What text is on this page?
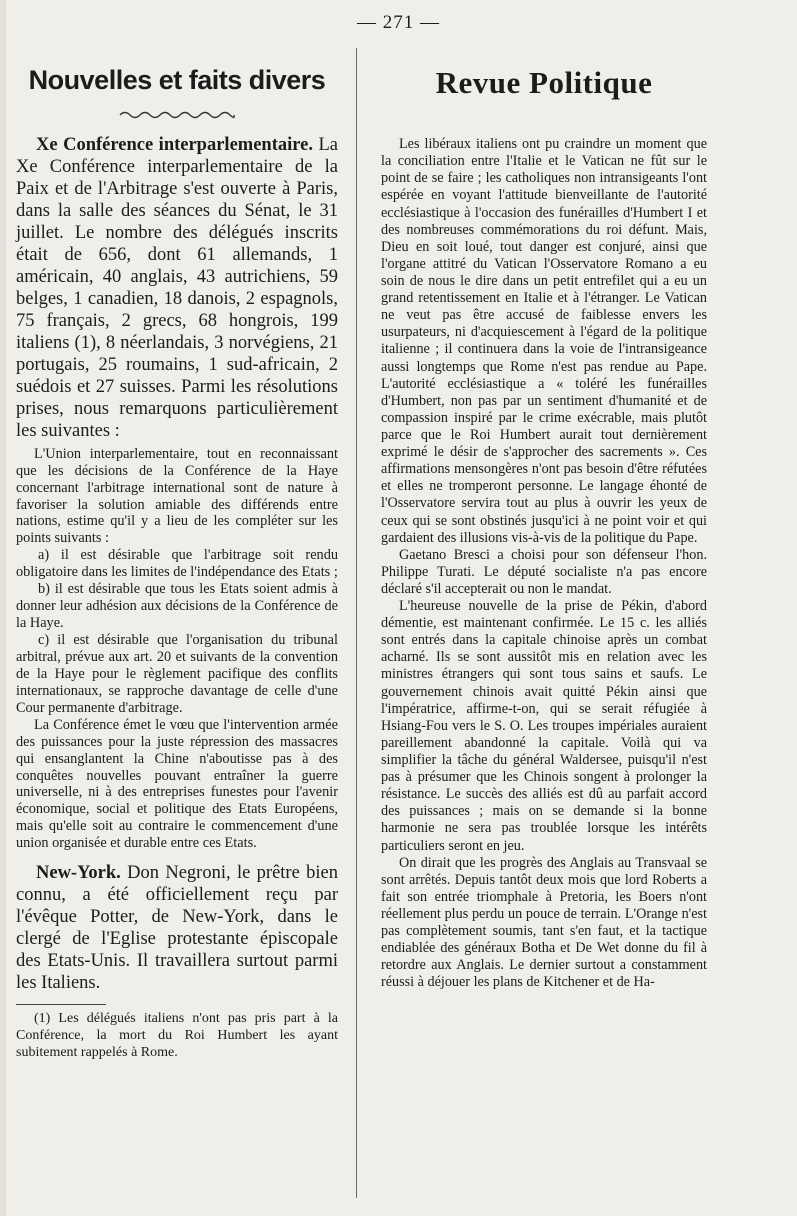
— 271 —
Nouvelles et faits divers

Xe Conférence interparlementaire. La Xe Conférence interparlementaire de la Paix et de l'Arbitrage s'est ouverte à Paris, dans la salle des séances du Sénat, le 31 juillet. Le nombre des délégués inscrits était de 656, dont 61 allemands, 1 américain, 40 anglais, 43 autrichiens, 59 belges, 1 canadien, 18 danois, 2 espagnols, 75 français, 2 grecs, 68 hongrois, 199 italiens (1), 8 néerlandais, 3 norvégiens, 21 portugais, 25 roumains, 1 sud-africain, 2 suédois et 27 suisses. Parmi les résolutions prises, nous remarquons particulièrement les suivantes :

L'Union interparlementaire, tout en reconnaissant que les décisions de la Conférence de la Haye concernant l'arbitrage international sont de nature à favoriser la solution amiable des différends entre nations, estime qu'il y a lieu de les compléter sur les points suivants :

a) il est désirable que l'arbitrage soit rendu obligatoire dans les limites de l'indépendance des Etats ;

b) il est désirable que tous les Etats soient admis à donner leur adhésion aux décisions de la Conférence de la Haye.

c) il est désirable que l'organisation du tribunal arbitral, prévue aux art. 20 et suivants de la convention de la Haye pour le règlement pacifique des conflits internationaux, se rapproche davantage de celle d'une Cour permanente d'arbitrage.

La Conférence émet le vœu que l'intervention armée des puissances pour la juste répression des massacres qui ensanglantent la Chine n'aboutisse pas à des conquêtes nouvelles pouvant entraîner la guerre universelle, ni à des entreprises funestes pour l'avenir économique, social et politique des Etats Européens, mais qu'elle soit au contraire le commencement d'une union organisée et durable entre ces Etats.

New-York. Don Negroni, le prêtre bien connu, a été officiellement reçu par l'évêque Potter, de New-York, dans le clergé de l'Eglise protestante épiscopale des Etats-Unis. Il travaillera surtout parmi les Italiens.

(1) Les délégués italiens n'ont pas pris part à la Conférence, la mort du Roi Humbert les ayant subitement rappelés à Rome.

Revue Politique

Les libéraux italiens ont pu craindre un moment que la conciliation entre l'Italie et le Vatican ne fût sur le point de se faire ; les catholiques non intransigeants l'ont espérée en voyant l'attitude bienveillante de l'autorité ecclésiastique à l'occasion des funérailles d'Humbert I et des nombreuses commémorations du roi défunt. Mais, Dieu en soit loué, tout danger est conjuré, ainsi que l'organe attitré du Vatican l'Osservatore Romano a eu soin de nous le dire dans un petit entrefilet qui a eu un grand retentissement en Italie et à l'étranger. Le Vatican ne veut pas être accusé de faiblesse envers les usurpateurs, ni d'acquiescement à l'égard de la politique italienne ; il continuera dans la voie de l'intransigeance aussi longtemps que Rome n'est pas rendue au Pape. L'autorité ecclésiastique a « toléré les funérailles d'Humbert, non pas par un sentiment d'humanité et de compassion inspiré par le crime exécrable, mais plutôt parce que le Roi Humbert aurait tout dernièrement exprimé le désir de s'approcher des sacrements ». Ces affirmations mensongères n'ont pas besoin d'être réfutées et elles ne tromperont personne. Le langage éhonté de l'Osservatore servira tout au plus à ouvrir les yeux de ceux qui se sont obstinés jusqu'ici à ne point voir et qui gardaient des illusions vis-à-vis de la politique du Pape.

Gaetano Bresci a choisi pour son défenseur l'hon. Philippe Turati. Le député socialiste n'a pas encore déclaré s'il accepterait ou non le mandat.

L'heureuse nouvelle de la prise de Pékin, d'abord démentie, est maintenant confirmée. Le 15 c. les alliés sont entrés dans la capitale chinoise après un combat acharné. Ils se sont aussitôt mis en relation avec les ministres étrangers qui sont tous sains et saufs. Le gouvernement chinois avait quitté Pékin ainsi que l'impératrice, affirme-t-on, qui se serait réfugiée à Hsiang-Fou vers le S. O. Les troupes impériales auraient pareillement abandonné la capitale. Voilà qui va simplifier la tâche du général Waldersee, puisqu'il n'est pas à présumer que les Chinois songent à prolonger la résistance. Le succès des alliés est dû au parfait accord des puissances ; mais on se demande si la bonne harmonie ne sera pas troublée lorsque les intérêts particuliers seront en jeu.

On dirait que les progrès des Anglais au Transvaal se sont arrêtés. Depuis tantôt deux mois que lord Roberts a fait son entrée triomphale à Pretoria, les Boers n'ont réellement plus perdu un pouce de terrain. L'Orange n'est pas complètement soumis, tant s'en faut, et la tactique endiablée des généraux Botha et De Wet donne du fil à retordre aux Anglais. Le dernier surtout a constamment réussi à déjouer les plans de Kitchener et de Ha-
